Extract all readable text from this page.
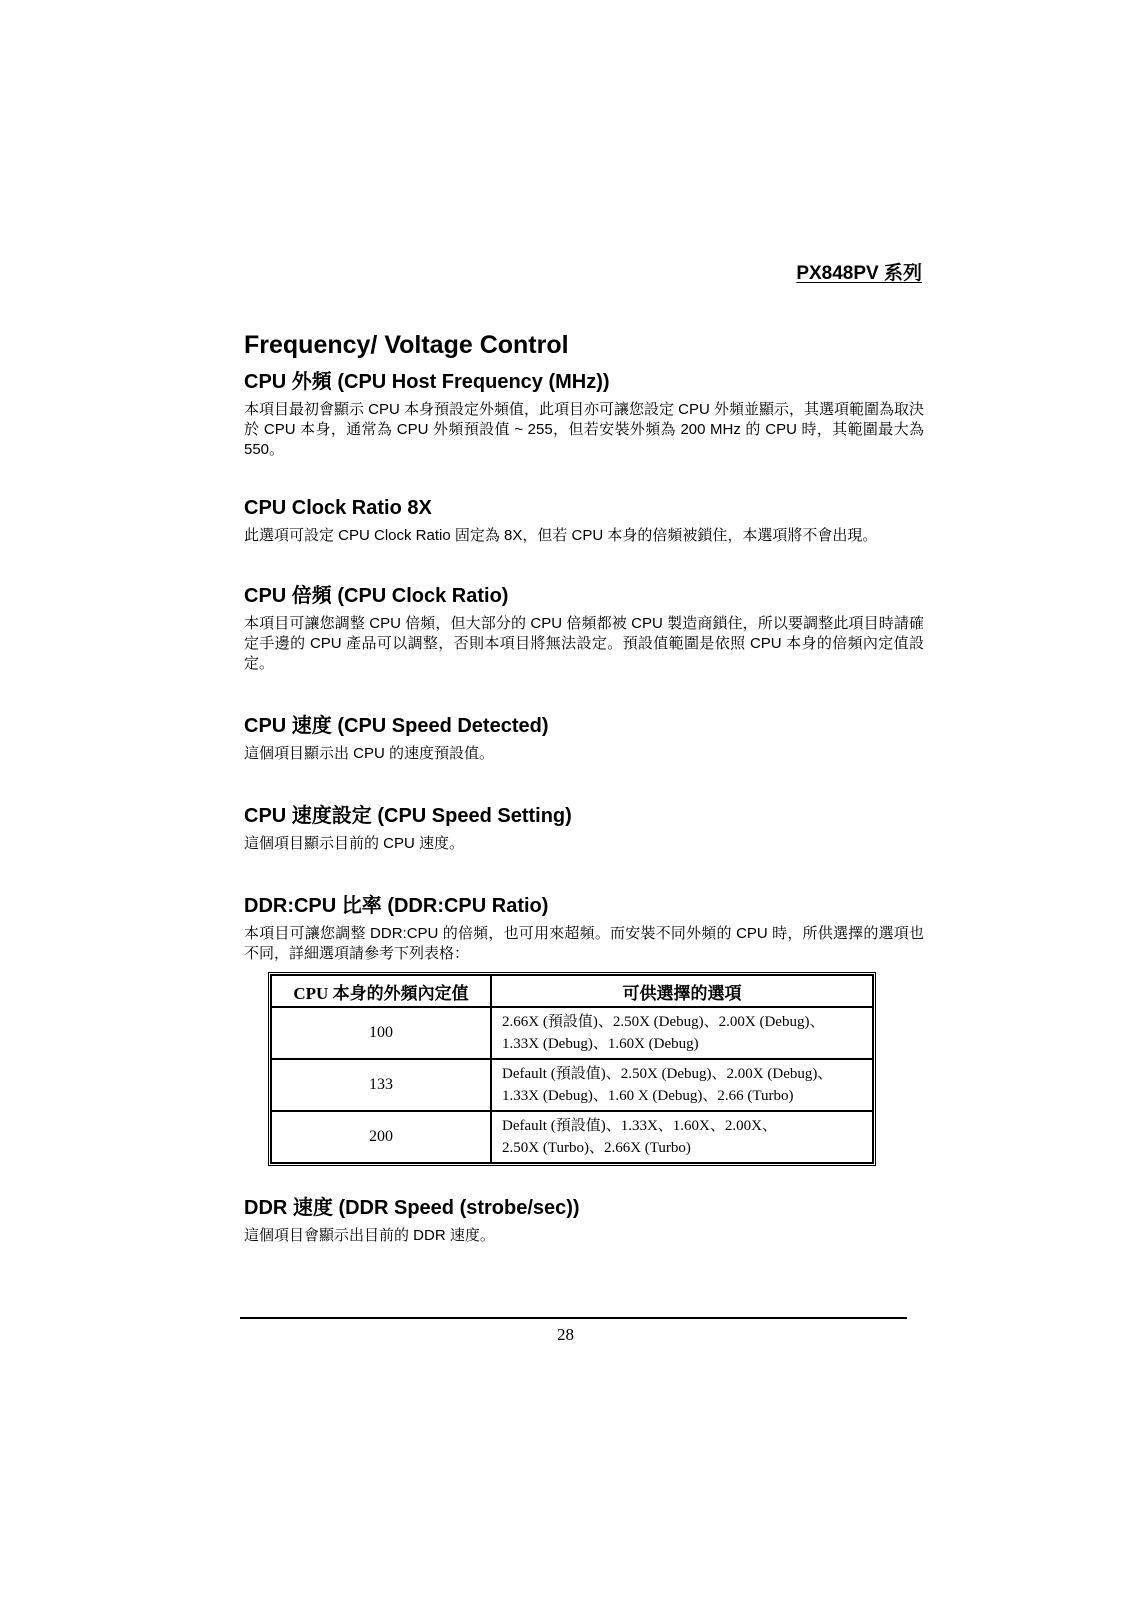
PX848PV 系列
Frequency/ Voltage Control
CPU 外頻 (CPU Host Frequency (MHz))

本項目最初會顯示 CPU 本身預設定外頻值，此項目亦可讓您設定 CPU 外頻並顯示，其選項範圍為取決於 CPU 本身，通常為 CPU 外頻預設值 ~ 255，但若安裝外頻為 200 MHz 的 CPU 時，其範圍最大為 550。

CPU Clock Ratio 8X

此選項可設定 CPU Clock Ratio 固定為 8X，但若 CPU 本身的倍頻被鎖住，本選項將不會出現。

CPU 倍頻 (CPU Clock Ratio)

本項目可讓您調整 CPU 倍頻，但大部分的 CPU 倍頻都被 CPU 製造商鎖住，所以要調整此項目時請確定手邊的 CPU 產品可以調整，否則本項目將無法設定。預設值範圍是依照 CPU 本身的倍頻內定值設定。

CPU 速度 (CPU Speed Detected)

這個項目顯示出 CPU 的速度預設值。

CPU 速度設定 (CPU Speed Setting)

這個項目顯示目前的 CPU 速度。

DDR:CPU 比率 (DDR:CPU Ratio)

本項目可讓您調整 DDR:CPU 的倍頻，也可用來超頻。而安裝不同外頻的 CPU 時，所供選擇的選項也不同，詳細選項請參考下列表格：

CPU 本身的外頻內定值	可供選擇的選項
100	2.66X (預設值)、2.50X (Debug)、2.00X (Debug)、
1.33X (Debug)、1.60X (Debug)

133	Default (預設值)、2.50X (Debug)、2.00X (Debug)、
1.33X (Debug)、1.60 X (Debug)、2.66 (Turbo)

200	Default (預設值)、1.33X、1.60X、2.00X、
2.50X (Turbo)、2.66X (Turbo)
DDR 速度 (DDR Speed (strobe/sec))

這個項目會顯示出目前的 DDR 速度。

28
